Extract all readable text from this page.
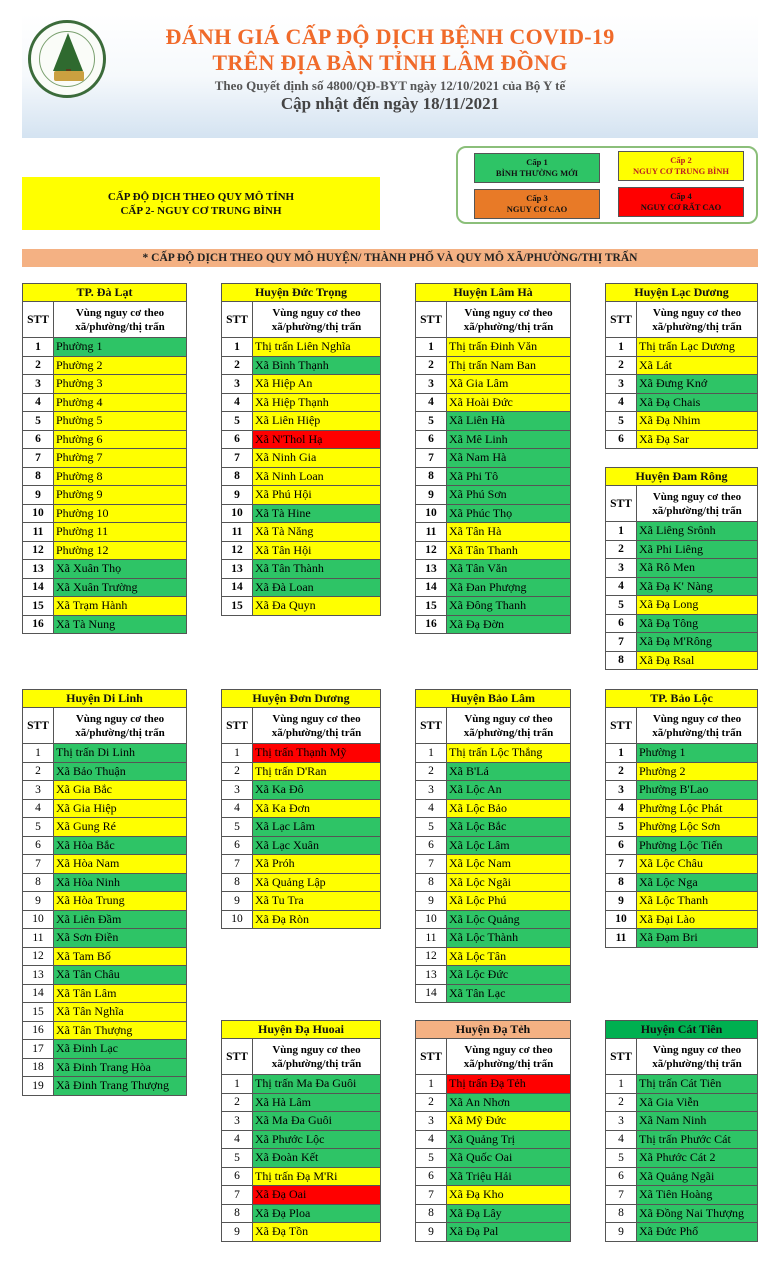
ĐÁNH GIÁ CẤP ĐỘ DỊCH BỆNH COVID-19
TRÊN ĐỊA BÀN TỈNH LÂM ĐỒNG
Theo Quyết định số 4800/QĐ-BYT ngày 12/10/2021 của Bộ Y tế
Cập nhật đến ngày 18/11/2021
Cấp 1
BÌNH THƯỜNG MỚI
Cấp 2
NGUY CƠ TRUNG BÌNH
Cấp 3
NGUY CƠ CAO
Cấp 4
NGUY CƠ RẤT CAO
CẤP ĐỘ DỊCH THEO QUY MÔ TỈNH
CẤP 2- NGUY CƠ TRUNG BÌNH
* CẤP ĐỘ DỊCH THEO QUY MÔ HUYỆN/ THÀNH PHỐ VÀ QUY MÔ XÃ/PHƯỜNG/THỊ TRẤN
TP. Đà Lạt	
STT	Vùng nguy cơ theo xã/phường/thị trấn
1	Phường 1
2	Phường 2
3	Phường 3
4	Phường 4
5	Phường 5
6	Phường 6
7	Phường 7
8	Phường 8
9	Phường 9
10	Phường 10
11	Phường 11
12	Phường 12
13	Xã Xuân Thọ
14	Xã Xuân Trường
15	Xã Trạm Hành
16	Xã Tà Nung
Huyện Đức Trọng	
STT	Vùng nguy cơ theo xã/phường/thị trấn
1	Thị trấn Liên Nghĩa
2	Xã Bình Thạnh
3	Xã Hiệp An
4	Xã Hiệp Thạnh
5	Xã Liên Hiệp
6	Xã N'Thol Hạ
7	Xã Ninh Gia
8	Xã Ninh Loan
9	Xã Phú Hội
10	Xã Tà Hine
11	Xã Tà Năng
12	Xã Tân Hội
13	Xã Tân Thành
14	Xã Đà Loan
15	Xã Đa Quyn
Huyện Lâm Hà	
STT	Vùng nguy cơ theo xã/phường/thị trấn
1	Thị trấn Đinh Văn
2	Thị trấn Nam Ban
3	Xã Gia Lâm
4	Xã Hoài Đức
5	Xã Liên Hà
6	Xã Mê Linh
7	Xã Nam Hà
8	Xã Phi Tô
9	Xã Phú Sơn
10	Xã Phúc Thọ
11	Xã Tân Hà
12	Xã Tân Thanh
13	Xã Tân Văn
14	Xã Đan Phượng
15	Xã Đông Thanh
16	Xã Đạ Đờn
Huyện Lạc Dương	
STT	Vùng nguy cơ theo xã/phường/thị trấn
1	Thị trấn Lạc Dương
2	Xã Lát
3	Xã Đưng Knớ
4	Xã Đạ Chais
5	Xã Đạ Nhim
6	Xã Đạ Sar
Huyện Đam Rông	
STT	Vùng nguy cơ theo xã/phường/thị trấn
1	Xã Liêng Srônh
2	Xã Phi Liêng
3	Xã Rô Men
4	Xã Đạ K' Nàng
5	Xã Đạ Long
6	Xã Đạ Tông
7	Xã Đạ M'Rông
8	Xã Đạ Rsal
Huyện Di Linh	
STT	Vùng nguy cơ theo xã/phường/thị trấn
1	Thị trấn Di Linh
2	Xã Bảo Thuận
3	Xã Gia Bắc
4	Xã Gia Hiệp
5	Xã Gung Ré
6	Xã Hòa Bắc
7	Xã Hòa Nam
8	Xã Hòa Ninh
9	Xã Hòa Trung
10	Xã Liên Đầm
11	Xã Sơn Điền
12	Xã Tam Bố
13	Xã Tân Châu
14	Xã Tân Lâm
15	Xã Tân Nghĩa
16	Xã Tân Thượng
17	Xã Đinh Lạc
18	Xã Đinh Trang Hòa
19	Xã Đinh Trang Thượng
Huyện Đơn Dương	
STT	Vùng nguy cơ theo xã/phường/thị trấn
1	Thị trấn Thạnh Mỹ
2	Thị trấn D'Ran
3	Xã Ka Đô
4	Xã Ka Đơn
5	Xã Lạc Lâm
6	Xã Lạc Xuân
7	Xã Próh
8	Xã Quảng Lập
9	Xã Tu Tra
10	Xã Đạ Ròn
Huyện Bảo Lâm	
STT	Vùng nguy cơ theo xã/phường/thị trấn
1	Thị trấn Lộc Thắng
2	Xã B'Lá
3	Xã Lộc An
4	Xã Lộc Bảo
5	Xã Lộc Bắc
6	Xã Lộc Lâm
7	Xã Lộc Nam
8	Xã Lộc Ngãi
9	Xã Lộc Phú
10	Xã Lộc Quảng
11	Xã Lộc Thành
12	Xã Lộc Tân
13	Xã Lộc Đức
14	Xã Tân Lạc
TP. Bảo Lộc	
STT	Vùng nguy cơ theo xã/phường/thị trấn
1	Phường 1
2	Phường 2
3	Phường B'Lao
4	Phường Lộc Phát
5	Phường Lộc Sơn
6	Phường Lộc Tiến
7	Xã Lộc Châu
8	Xã Lộc Nga
9	Xã Lộc Thanh
10	Xã Đại Lào
11	Xã Đạm Bri
Huyện Đạ Huoai	
STT	Vùng nguy cơ theo xã/phường/thị trấn
1	Thị trấn Ma Đa Guôi
2	Xã Hà Lâm
3	Xã Ma Đa Guôi
4	Xã Phước Lộc
5	Xã Đoàn Kết
6	Thị trấn Đạ M'Ri
7	Xã Đạ Oai
8	Xã Đạ Ploa
9	Xã Đạ Tồn
Huyện Đạ Tẻh	
STT	Vùng nguy cơ theo xã/phường/thị trấn
1	Thị trấn Đạ Tẻh
2	Xã An Nhơn
3	Xã Mỹ Đức
4	Xã Quảng Trị
5	Xã Quốc Oai
6	Xã Triệu Hải
7	Xã Đạ Kho
8	Xã Đạ Lây
9	Xã Đạ Pal
Huyện Cát Tiên	
STT	Vùng nguy cơ theo xã/phường/thị trấn
1	Thị trấn Cát Tiên
2	Xã Gia Viễn
3	Xã Nam Ninh
4	Thị trấn Phước Cát
5	Xã Phước Cát 2
6	Xã Quảng Ngãi
7	Xã Tiên Hoàng
8	Xã Đồng Nai Thượng
9	Xã Đức Phổ
